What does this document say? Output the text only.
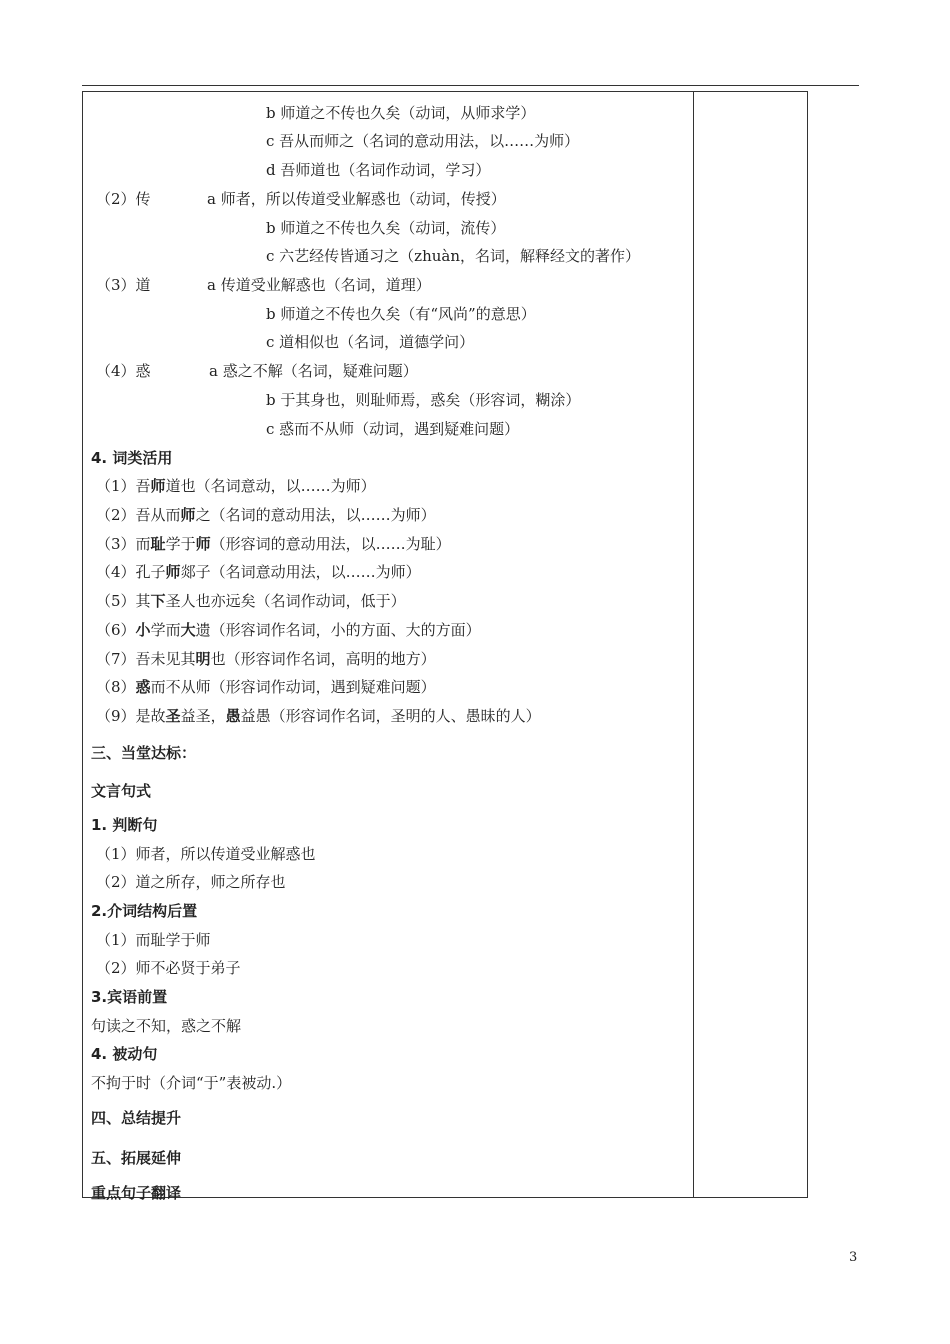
b 师道之不传也久矣（动词，从师求学）
c 吾从而师之（名词的意动用法，以……为师）
d 吾师道也（名词作动词，学习）
（2）传	a 师者，所以传道受业解惑也（动词，传授）
b 师道之不传也久矣（动词，流传）
c 六艺经传皆通习之（zhuàn，名词，解释经文的著作）
（3）道	a 传道受业解惑也（名词，道理）
b 师道之不传也久矣（有“风尚”的意思）
c 道相似也（名词，道德学问）
（4）惑	a 惑之不解（名词，疑难问题）
b 于其身也，则耻师焉，惑矣（形容词，糊涂）
c 惑而不从师（动词，遇到疑难问题）
4. 词类活用
（1）吾师道也（名词意动，以……为师）
（2）吾从而师之（名词的意动用法，以……为师）
（3）而耻学于师（形容词的意动用法，以……为耻）
（4）孔子师郯子（名词意动用法，以……为师）
（5）其下圣人也亦远矣（名词作动词，低于）
（6）小学而大遗（形容词作名词，小的方面、大的方面）
（7）吾未见其明也（形容词作名词，高明的地方）
（8）惑而不从师（形容词作动词，遇到疑难问题）
（9）是故圣益圣，愚益愚（形容词作名词，圣明的人、愚昧的人）
三、当堂达标：
文言句式
1. 判断句
（1）师者，所以传道受业解惑也
（2）道之所存，师之所存也
2.介词结构后置
（1）而耻学于师
（2）师不必贤于弟子
3.宾语前置
句读之不知，惑之不解
4. 被动句
不拘于时（介词“于”表被动.）
四、总结提升
五、拓展延伸
重点句子翻译
3
